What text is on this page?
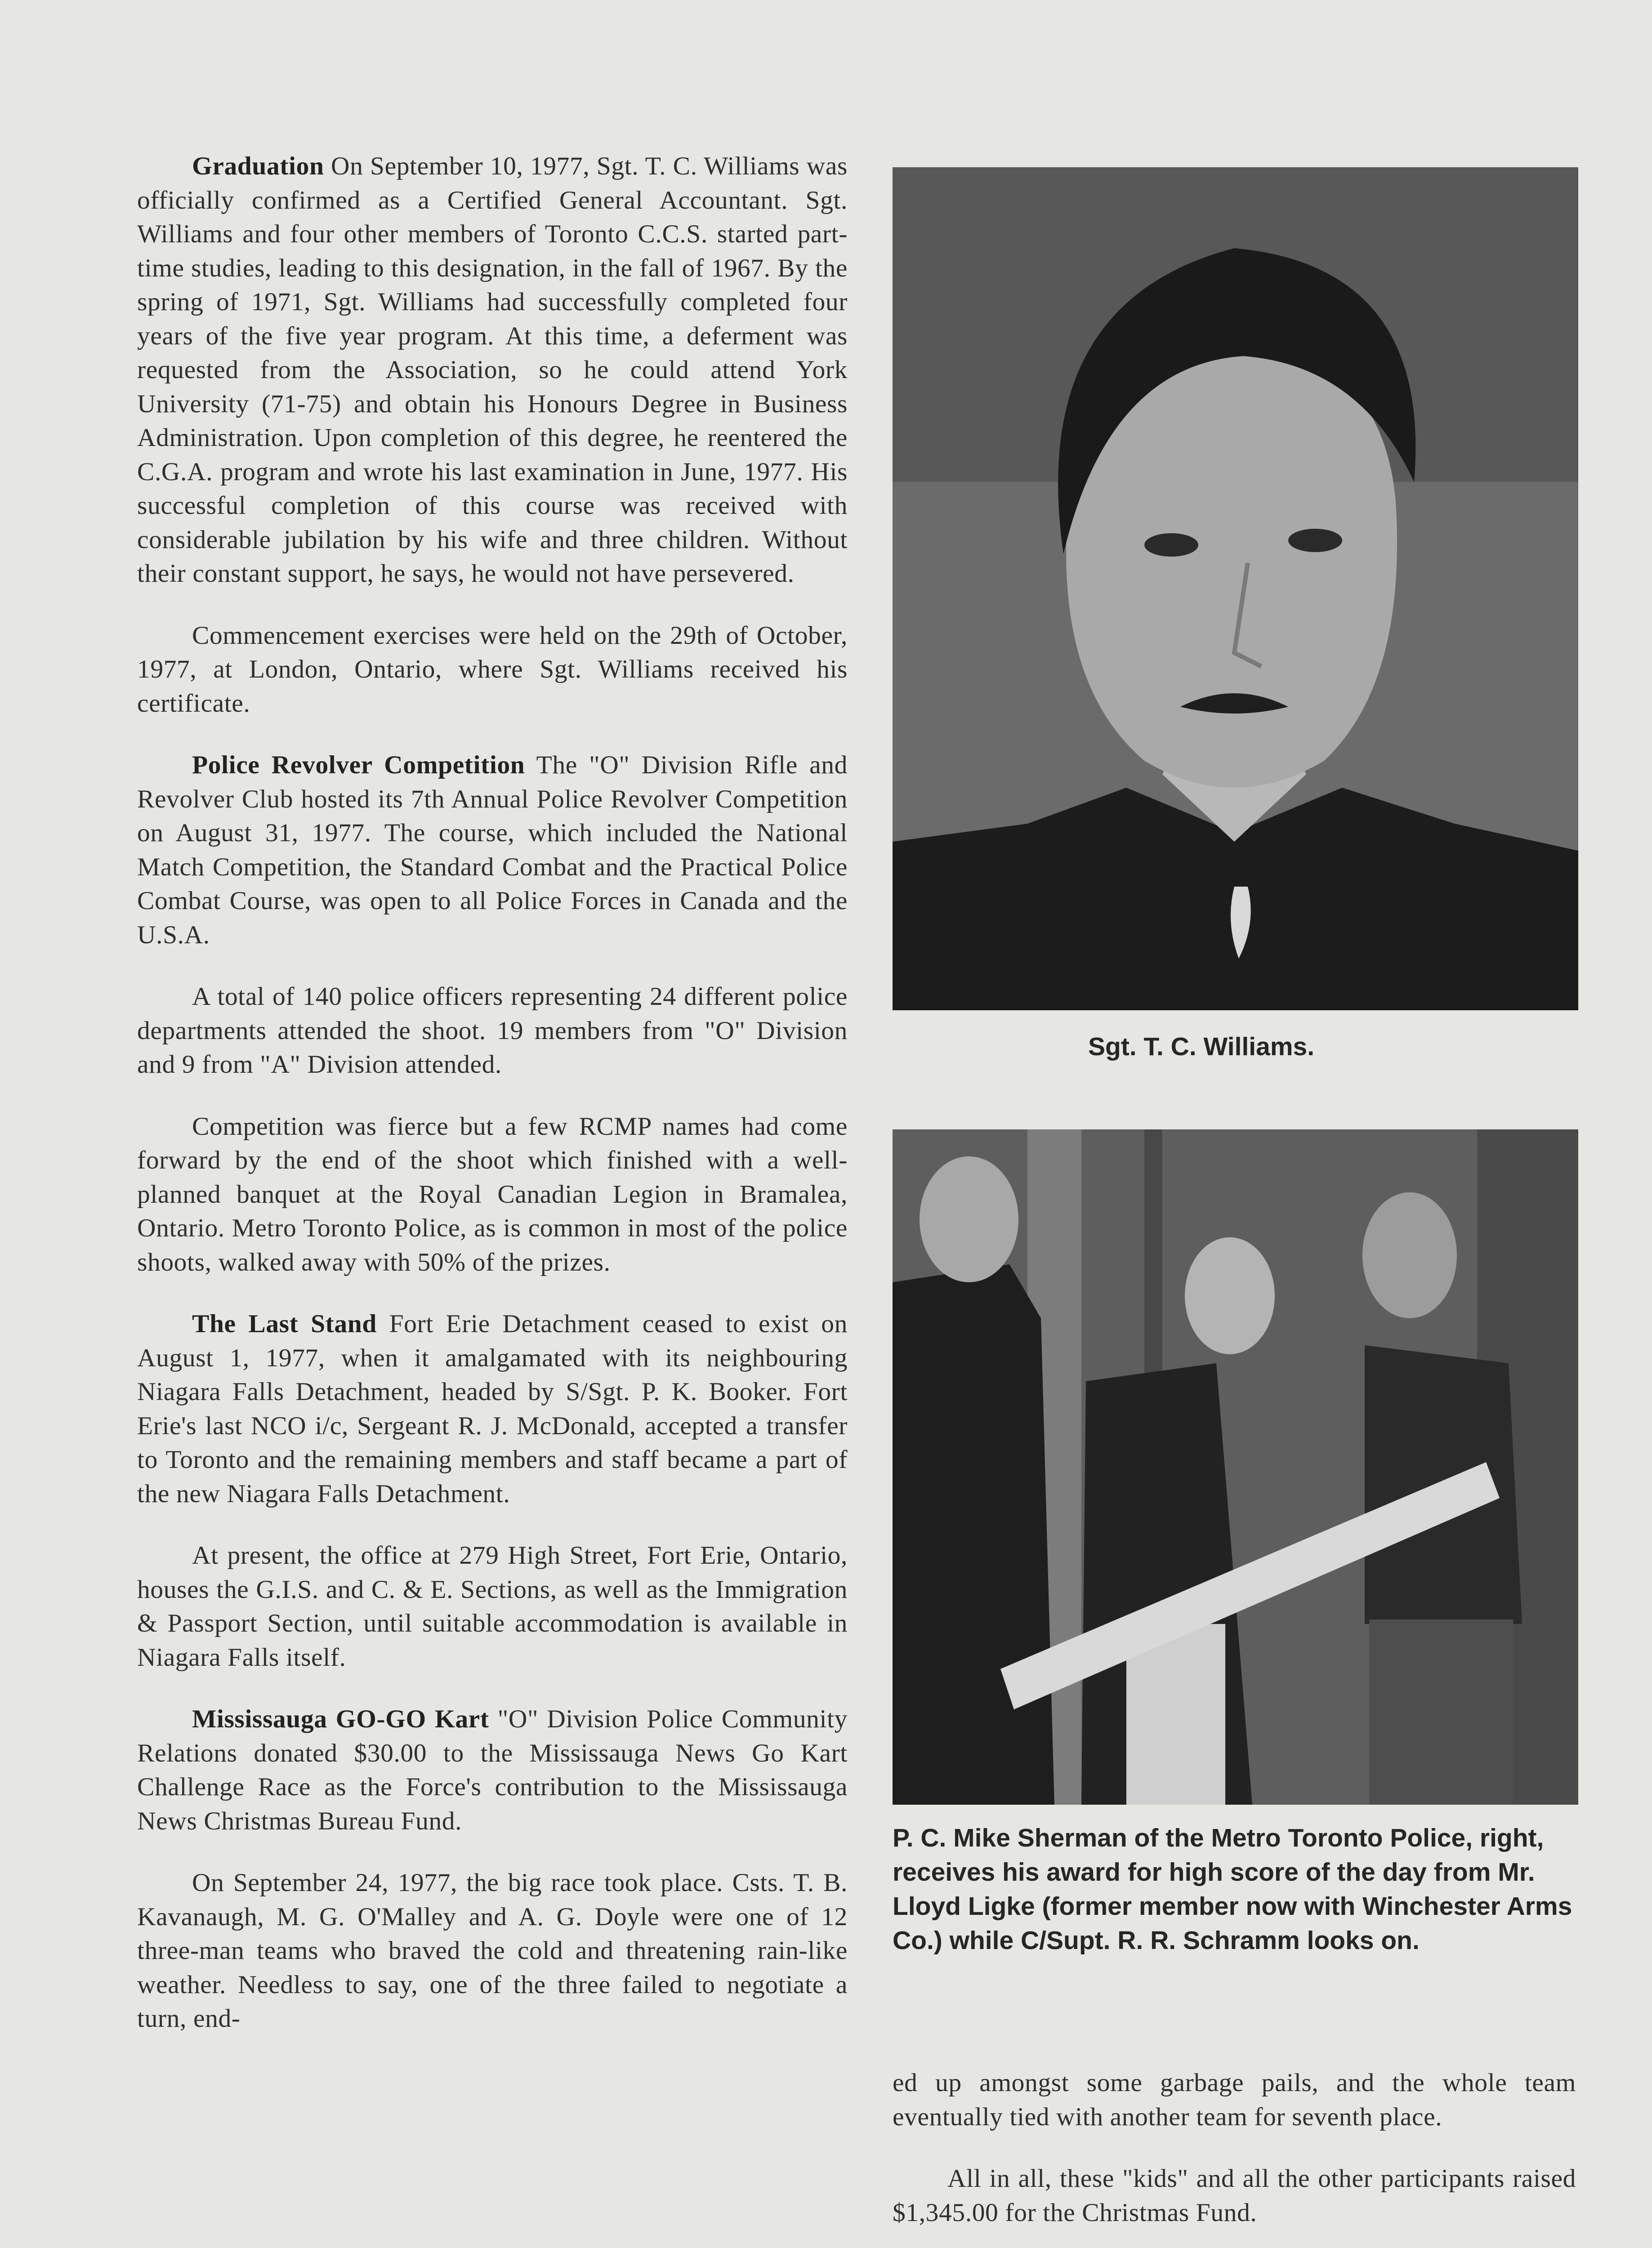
Graduation On September 10, 1977, Sgt. T. C. Williams was officially confirmed as a Certified General Accountant. Sgt. Williams and four other members of Toronto C.C.S. started part-time studies, leading to this designation, in the fall of 1967. By the spring of 1971, Sgt. Williams had successfully completed four years of the five year program. At this time, a deferment was requested from the Association, so he could attend York University (71-75) and obtain his Honours Degree in Business Administration. Upon completion of this degree, he reentered the C.G.A. program and wrote his last examination in June, 1977. His successful completion of this course was received with considerable jubilation by his wife and three children. Without their constant support, he says, he would not have persevered.

Commencement exercises were held on the 29th of October, 1977, at London, Ontario, where Sgt. Williams received his certificate.

Police Revolver Competition The "O" Division Rifle and Revolver Club hosted its 7th Annual Police Revolver Competition on August 31, 1977. The course, which included the National Match Competition, the Standard Combat and the Practical Police Combat Course, was open to all Police Forces in Canada and the U.S.A.

A total of 140 police officers representing 24 different police departments attended the shoot. 19 members from "O" Division and 9 from "A" Division attended.

Competition was fierce but a few RCMP names had come forward by the end of the shoot which finished with a well-planned banquet at the Royal Canadian Legion in Bramalea, Ontario. Metro Toronto Police, as is common in most of the police shoots, walked away with 50% of the prizes.

The Last Stand Fort Erie Detachment ceased to exist on August 1, 1977, when it amalgamated with its neighbouring Niagara Falls Detachment, headed by S/Sgt. P. K. Booker. Fort Erie's last NCO i/c, Sergeant R. J. McDonald, accepted a transfer to Toronto and the remaining members and staff became a part of the new Niagara Falls Detachment.

At present, the office at 279 High Street, Fort Erie, Ontario, houses the G.I.S. and C. & E. Sections, as well as the Immigration & Passport Section, until suitable accommodation is available in Niagara Falls itself.

Mississauga GO-GO Kart "O" Division Police Community Relations donated $30.00 to the Mississauga News Go Kart Challenge Race as the Force's contribution to the Mississauga News Christmas Bureau Fund.

On September 24, 1977, the big race took place. Csts. T. B. Kavanaugh, M. G. O'Malley and A. G. Doyle were one of 12 three-man teams who braved the cold and threatening rain-like weather. Needless to say, one of the three failed to negotiate a turn, end-

Sgt. T. C. Williams.
P. C. Mike Sherman of the Metro Toronto Police, right, receives his award for high score of the day from Mr. Lloyd Ligke (former member now with Winchester Arms Co.) while C/Supt. R. R. Schramm looks on.

ed up amongst some garbage pails, and the whole team eventually tied with another team for seventh place.

All in all, these "kids" and all the other participants raised $1,345.00 for the Christmas Fund.
